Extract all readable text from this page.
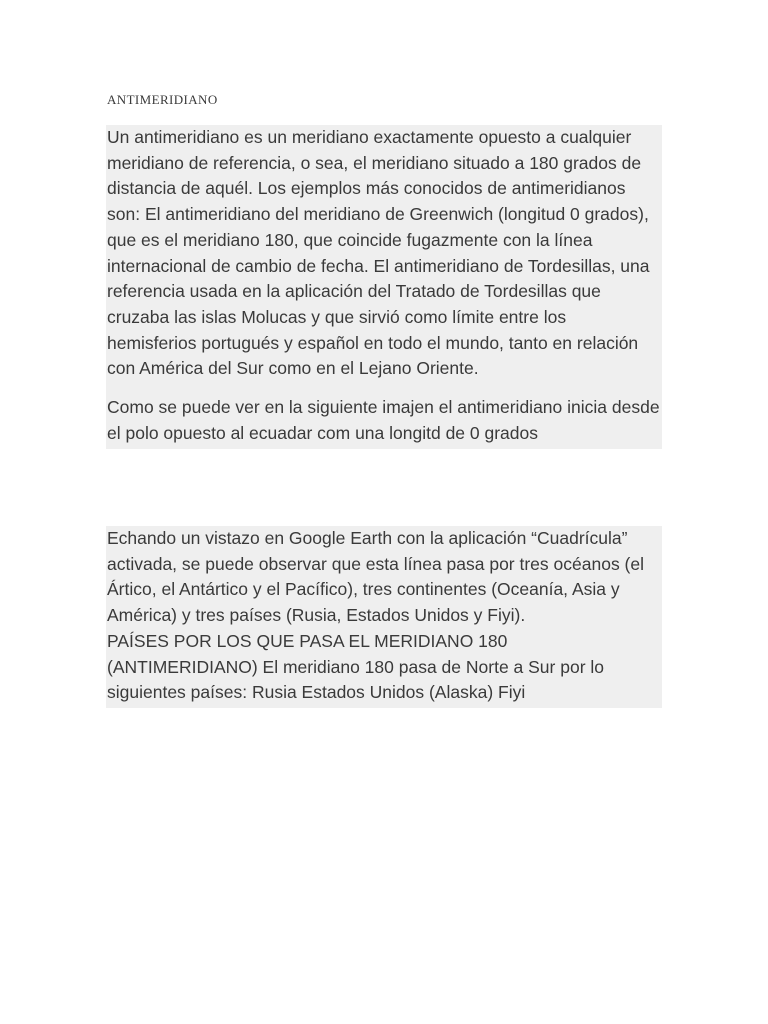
ANTIMERIDIANO

Un antimeridiano es un meridiano exactamente opuesto a cualquier
meridiano de referencia, o sea, el meridiano situado a 180 grados de
distancia de aquél. Los ejemplos más conocidos de antimeridianos
son: El antimeridiano del meridiano de Greenwich (longitud 0 grados),
que es el meridiano 180, que coincide fugazmente con la línea
internacional de cambio de fecha. El antimeridiano de Tordesillas, una
referencia usada en la aplicación del Tratado de Tordesillas que
cruzaba las islas Molucas y que sirvió como límite entre los
hemisferios portugués y español en todo el mundo, tanto en relación
con América del Sur como en el Lejano Oriente.

Como se puede ver en la siguiente imajen el antimeridiano inicia desde
el polo opuesto al ecuadar com una longitd de 0 grados

Echando un vistazo en Google Earth con la aplicación “Cuadrícula”
activada, se puede observar que esta línea pasa por tres océanos (el
Ártico, el Antártico y el Pacífico), tres continentes (Oceanía, Asia y
América) y tres países (Rusia, Estados Unidos y Fiyi).
PAÍSES POR LOS QUE PASA EL MERIDIANO 180
(ANTIMERIDIANO) El meridiano 180 pasa de Norte a Sur por lo
siguientes países: Rusia Estados Unidos (Alaska) Fiyi
